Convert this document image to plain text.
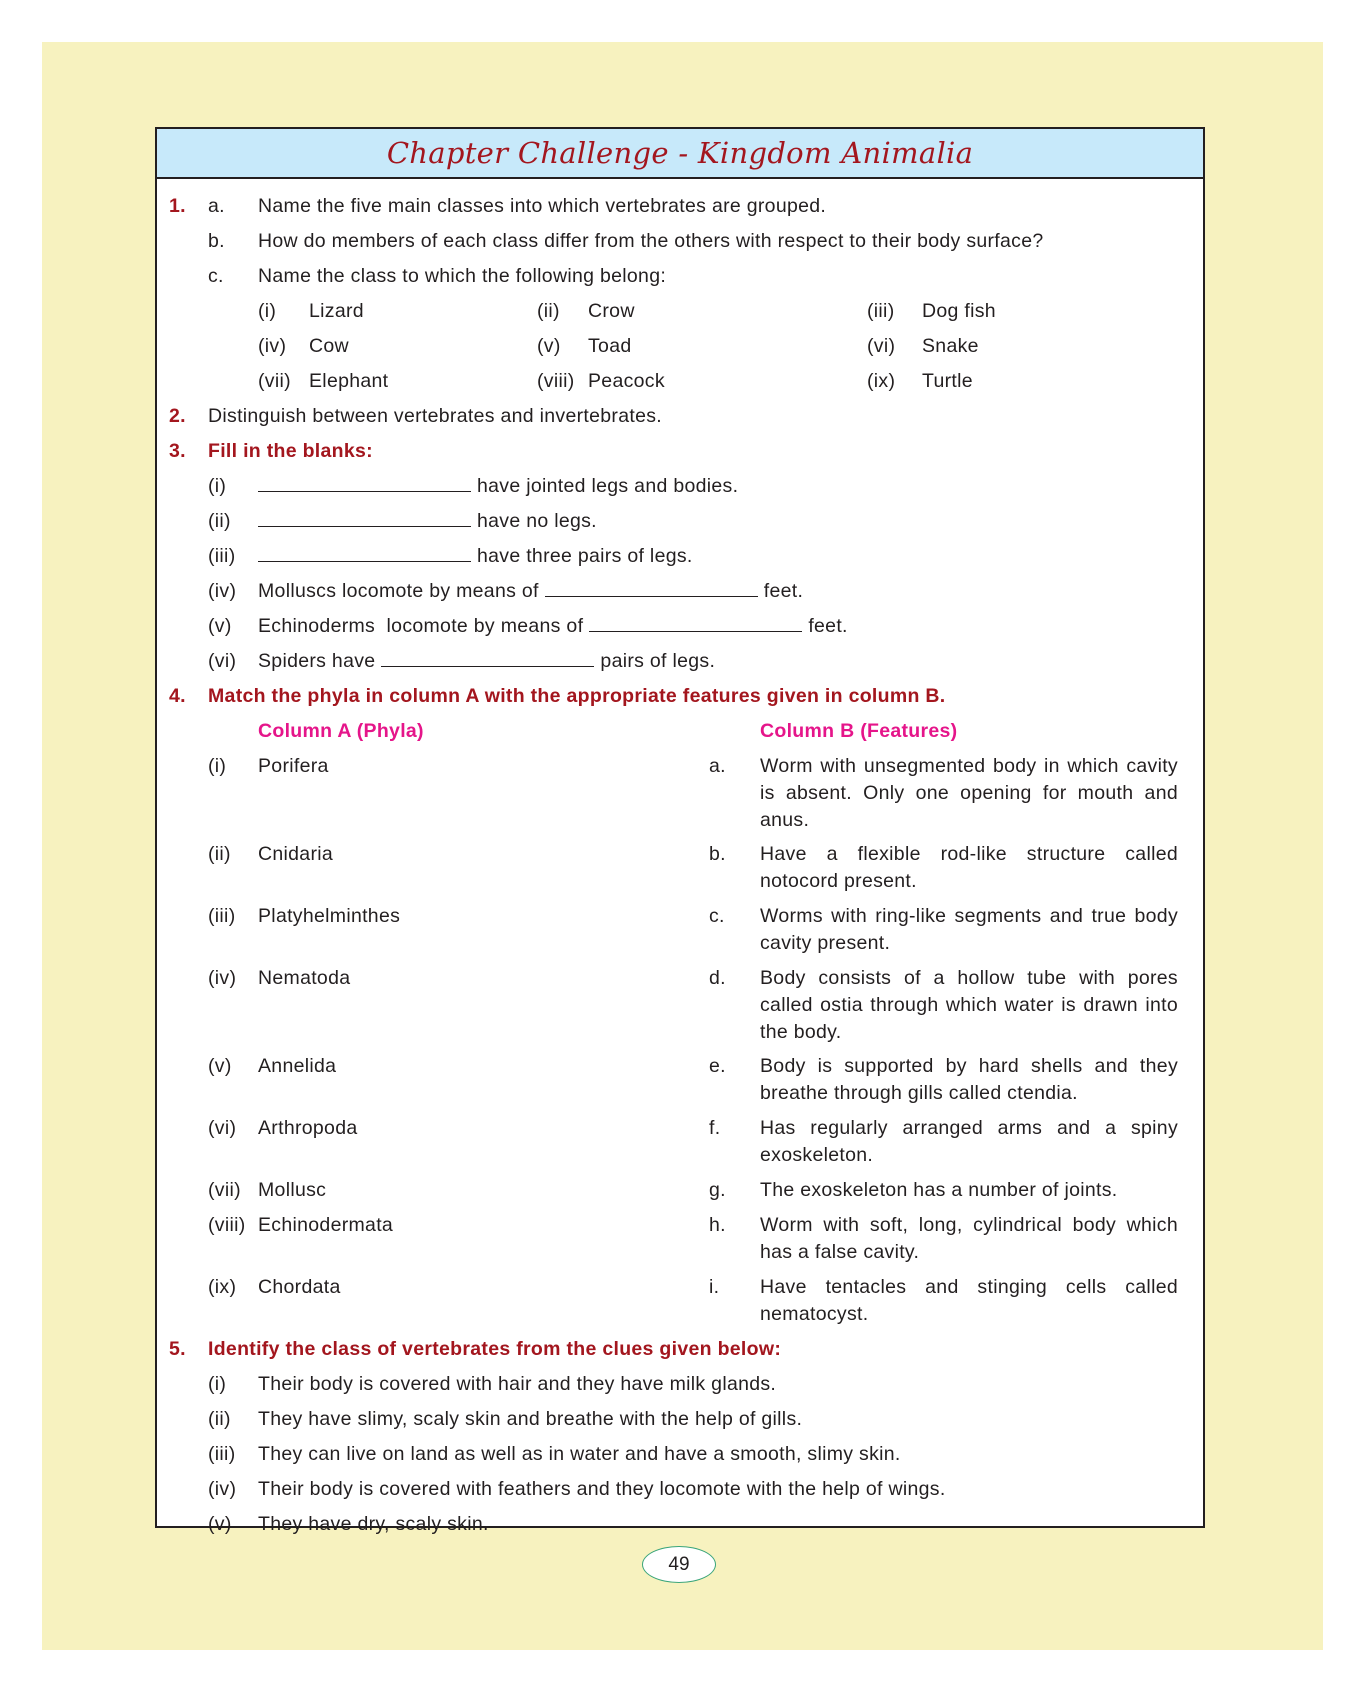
Chapter Challenge - Kingdom Animalia
1. a. Name the five main classes into which vertebrates are grouped.
b. How do members of each class differ from the others with respect to their body surface?
c. Name the class to which the following belong:
(i) Lizard	(ii) Crow	(iii) Dog fish
(iv) Cow	(v) Toad	(vi) Snake
(vii) Elephant	(viii) Peacock	(ix) Turtle
2. Distinguish between vertebrates and invertebrates.
3. Fill in the blanks:
(i)	have jointed legs and bodies.
(ii)	have no legs.
(iii)	have three pairs of legs.
(iv) Molluscs locomote by means of	feet.
(v) Echinoderms  locomote by means of	feet.
(vi) Spiders have	pairs of legs.
4. Match the phyla in column A with the appropriate features given in column B.
Column A (Phyla)	Column B (Features)
(i) Porifera	a. Worm with unsegmented body in which cavity is absent. Only one opening for mouth and anus.
(ii) Cnidaria	b. Have a flexible rod-like structure called notocord present.
(iii) Platyhelminthes	c. Worms with ring-like segments and true body cavity present.
(iv) Nematoda	d. Body consists of a hollow tube with pores called ostia through which water is drawn into the body.
(v) Annelida	e. Body is supported by hard shells and they breathe through gills called ctendia.
(vi) Arthropoda	f. Has regularly arranged arms and a spiny exoskeleton.
(vii) Mollusc	g. The exoskeleton has a number of joints.
(viii) Echinodermata	h. Worm with soft, long, cylindrical body which has a false cavity.
(ix) Chordata	i. Have tentacles and stinging cells called nematocyst.
5. Identify the class of vertebrates from the clues given below:
(i) Their body is covered with hair and they have milk glands.
(ii) They have slimy, scaly skin and breathe with the help of gills.
(iii) They can live on land as well as in water and have a smooth, slimy skin.
(iv) Their body is covered with feathers and they locomote with the help of wings.
(v) They have dry, scaly skin.
49
